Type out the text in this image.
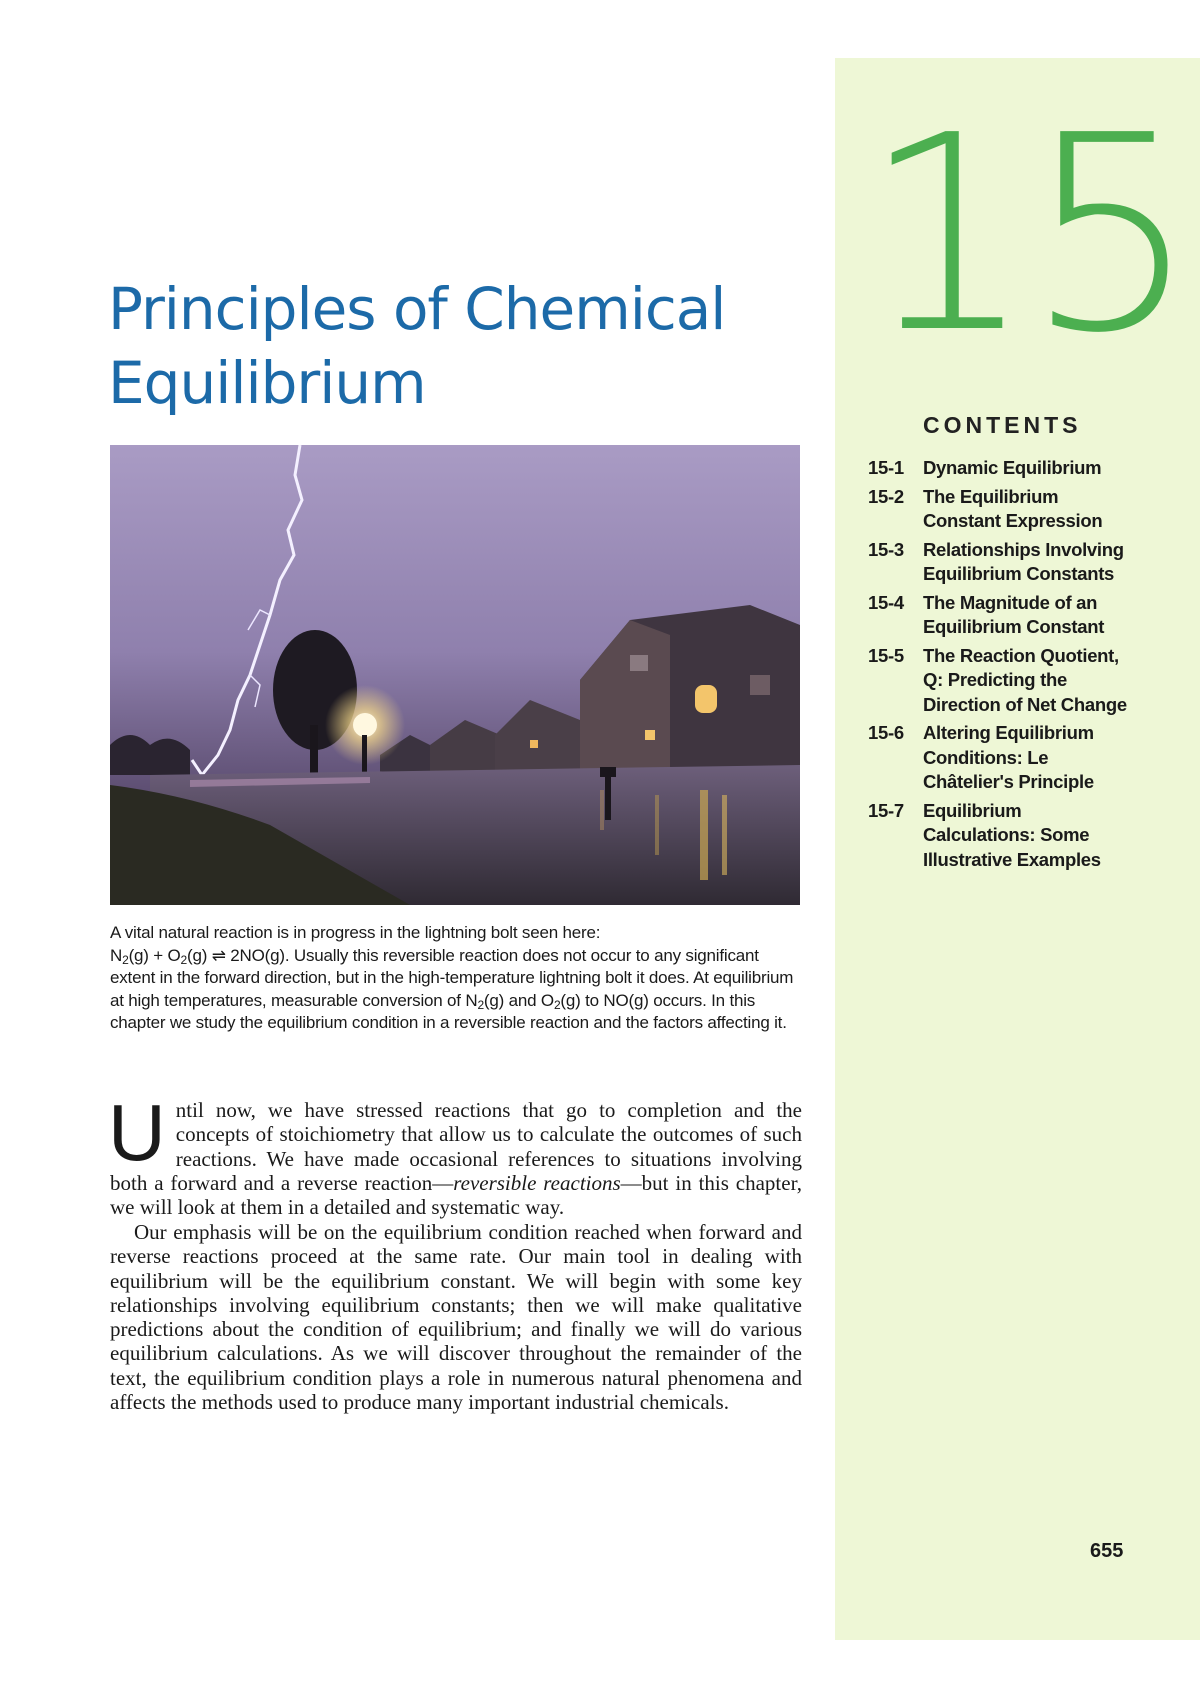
15
Principles of Chemical
Equilibrium
CONTENTS
15-1	Dynamic Equilibrium
15-2	The Equilibrium Constant Expression
15-3	Relationships Involving Equilibrium Constants
15-4	The Magnitude of an Equilibrium Constant
15-5	The Reaction Quotient, Q: Predicting the Direction of Net Change
15-6	Altering Equilibrium Conditions: Le Châtelier's Principle
15-7	Equilibrium Calculations: Some Illustrative Examples

A vital natural reaction is in progress in the lightning bolt seen here:
$N_2(g) + O_2(g)$ ⇌ 2NO(g). Usually this reversible reaction does not occur to any significant extent in the forward direction, but in the high-temperature lightning bolt it does. At equilibrium at high temperatures, measurable conversion of $N_2(g)$ and $O_2(g)$ to NO(g) occurs. In this chapter we study the equilibrium condition in a reversible reaction and the factors affecting it.

Until now, we have stressed reactions that go to completion and the concepts of stoichiometry that allow us to calculate the outcomes of such reactions. We have made occasional references to situations involving both a forward and a reverse reaction—reversible reactions—but in this chapter, we will look at them in a detailed and systematic way.

Our emphasis will be on the equilibrium condition reached when forward and reverse reactions proceed at the same rate. Our main tool in dealing with equilibrium will be the equilibrium constant. We will begin with some key relationships involving equilibrium constants; then we will make qualitative predictions about the condition of equilibrium; and finally we will do various equilibrium calculations. As we will discover throughout the remainder of the text, the equilibrium condition plays a role in numerous natural phenomena and affects the methods used to produce many important industrial chemicals.

655
